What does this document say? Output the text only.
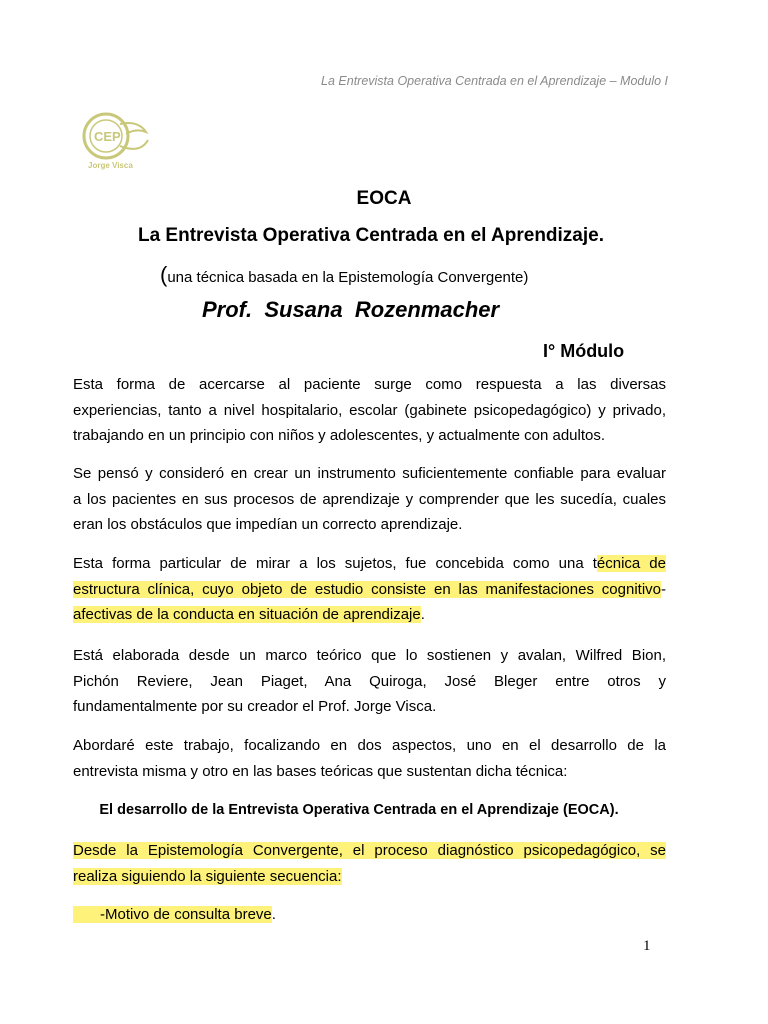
La Entrevista Operativa Centrada en el Aprendizaje – Modulo I
CEP
Jorge Visca
EOCA
La Entrevista Operativa Centrada en el Aprendizaje.
(una técnica basada en la Epistemología Convergente)
Prof.  Susana  Rozenmacher
I° Módulo

Esta forma de acercarse al paciente surge como respuesta a las diversas
experiencias, tanto a nivel hospitalario, escolar (gabinete psicopedagógico) y privado,
trabajando en un principio con niños y adolescentes, y actualmente con adultos.

Se pensó y consideró en crear un instrumento suficientemente confiable para evaluar
a los pacientes en sus procesos de aprendizaje y comprender que les sucedía, cuales
eran los obstáculos que impedían un correcto aprendizaje.

Esta forma particular de mirar a los sujetos, fue concebida como una técnica de
estructura clínica, cuyo objeto de estudio consiste en las manifestaciones cognitivo-
afectivas de la conducta en situación de aprendizaje.

Está elaborada desde un marco teórico que lo sostienen y avalan, Wilfred Bion,
Pichón Reviere, Jean Piaget, Ana Quiroga, José Bleger entre otros y
fundamentalmente por su creador el Prof. Jorge Visca.

Abordaré este trabajo, focalizando en dos aspectos, uno en el desarrollo de la
entrevista misma y otro en las bases teóricas que sustentan dicha técnica:

El desarrollo de la Entrevista Operativa Centrada en el Aprendizaje (EOCA).

Desde la Epistemología Convergente, el proceso diagnóstico psicopedagógico, se
realiza siguiendo la siguiente secuencia:

-Motivo de consulta breve.
1
